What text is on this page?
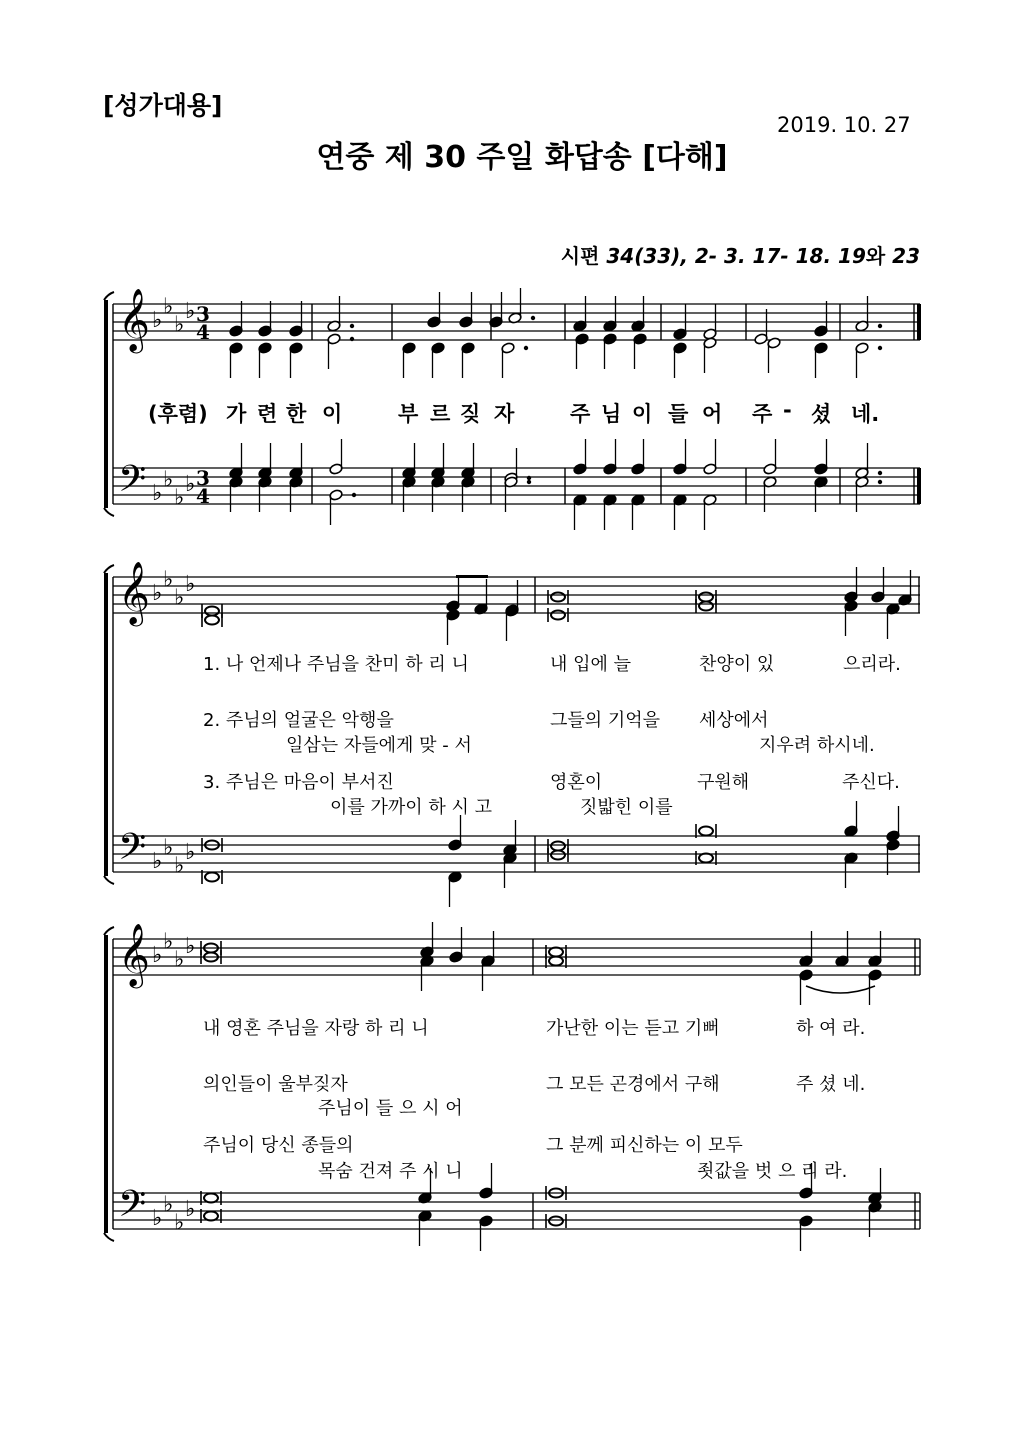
[성가대용]
2019. 10. 27
연중 제 30 주일 화답송 [다해]
시편 34(33), 2- 3. 17- 18. 19와 23
𝄞
𝄢
♭
♭
♭
♭
♭
♭
♭
♭
3
4
3
4
𝄞
𝄢
♭
♭
♭
♭
♭
♭
♭
♭
𝄞
𝄢
♭
♭
♭
♭
♭
♭
♭
♭
(후렴) 가 련 한 이	부 르 짖 자	주 님 이 들 어 주 - 셨 네.
1. 나 언제나 주님을 찬미 하 리 니	내 입에 늘	찬양이 있	으리라.
2. 주님의 얼굴은 악행을	그들의 기억을 세상에서
일삼는 자들에게 맞 - 서	지우려 하시네.
3. 주님은 마음이 부서진	영혼이	구원해	주신다.
이를 가까이 하 시 고	짓밟힌 이를
내 영혼 주님을 자랑 하 리 니	가난한 이는 듣고 기뻐	하 여 라.
의인들이 울부짖자	그 모든 곤경에서 구해	주 셨 네.
주님이 들 으 시 어
주님이 당신 종들의	그 분께 피신하는 이 모두
목숨 건져 주 시 니	죗값을 벗 으 리 라.
